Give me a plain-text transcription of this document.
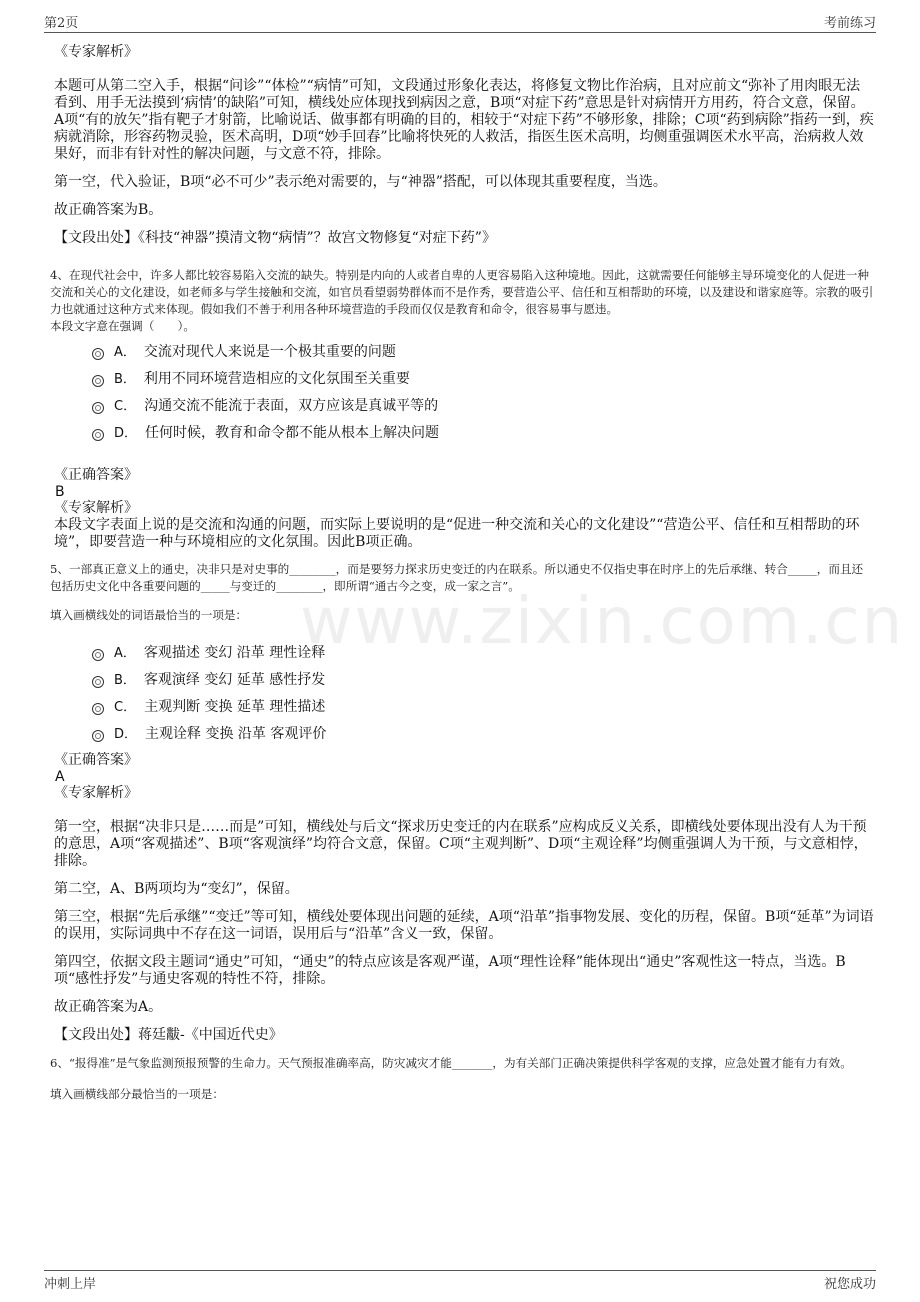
第2页	考前练习
www.zixin.com.cn

《专家解析》

本题可从第二空入手，根据“问诊”“体检”“病情”可知，文段通过形象化表达，将修复文物比作治病，且对应前文“弥补了用肉眼无法看到、用手无法摸到‘病情’的缺陷”可知，横线处应体现找到病因之意，B项“对症下药”意思是针对病情开方用药，符合文意，保留。A项“有的放矢”指有靶子才射箭，比喻说话、做事都有明确的目的，相较于“对症下药”不够形象，排除；C项“药到病除”指药一到，疾病就消除，形容药物灵验，医术高明，D项“妙手回春”比喻将快死的人救活，指医生医术高明，均侧重强调医术水平高，治病救人效果好，而非有针对性的解决问题，与文意不符，排除。

第一空，代入验证，B项“必不可少”表示绝对需要的，与“神器”搭配，可以体现其重要程度，当选。

故正确答案为B。

【文段出处】《科技“神器”摸清文物“病情”？故宫文物修复“对症下药”》

4、在现代社会中，许多人都比较容易陷入交流的缺失。特别是内向的人或者自卑的人更容易陷入这种境地。因此，这就需要任何能够主导环境变化的人促进一种交流和关心的文化建设，如老师多与学生接触和交流，如官员看望弱势群体而不是作秀，要营造公平、信任和互相帮助的环境，以及建设和谐家庭等。宗教的吸引力也就通过这种方式来体现。假如我们不善于利用各种环境营造的手段而仅仅是教育和命令，很容易事与愿违。

本段文字意在强调（　　）。

A． 交流对现代人来说是一个极其重要的问题
B． 利用不同环境营造相应的文化氛围至关重要
C． 沟通交流不能流于表面，双方应该是真诚平等的
D． 任何时候，教育和命令都不能从根本上解决问题

《正确答案》

B

《专家解析》

本段文字表面上说的是交流和沟通的问题，而实际上要说明的是“促进一种交流和关心的文化建设”“营造公平、信任和互相帮助的环境”，即要营造一种与环境相应的文化氛围。因此B项正确。

5、一部真正意义上的通史，决非只是对史事的________，而是要努力探求历史变迁的内在联系。所以通史不仅指史事在时序上的先后承继、转合_____，而且还包括历史文化中各重要问题的_____与变迁的________，即所谓“通古今之变，成一家之言”。

填入画横线处的词语最恰当的一项是：

A． 客观描述 变幻 沿革 理性诠释
B． 客观演绎 变幻 延革 感性抒发
C． 主观判断 变换 延革 理性描述
D． 主观诠释 变换 沿革 客观评价

《正确答案》

A

《专家解析》

第一空，根据“决非只是……而是”可知，横线处与后文“探求历史变迁的内在联系”应构成反义关系，即横线处要体现出没有人为干预的意思，A项“客观描述”、B项“客观演绎”均符合文意，保留。C项“主观判断”、D项“主观诠释”均侧重强调人为干预，与文意相悖，排除。

第二空，A、B两项均为“变幻”，保留。

第三空，根据“先后承继”“变迁”等可知，横线处要体现出问题的延续，A项“沿革”指事物发展、变化的历程，保留。B项“延革”为词语的误用，实际词典中不存在这一词语，误用后与“沿革”含义一致，保留。

第四空，依据文段主题词“通史”可知，“通史”的特点应该是客观严谨，A项“理性诠释”能体现出“通史”客观性这一特点，当选。B项“感性抒发”与通史客观的特性不符，排除。

故正确答案为A。

【文段出处】蒋廷黻-《中国近代史》

6、“报得准”是气象监测预报预警的生命力。天气预报准确率高，防灾减灾才能_______，为有关部门正确决策提供科学客观的支撑，应急处置才能有力有效。

填入画横线部分最恰当的一项是：

冲刺上岸	祝您成功
